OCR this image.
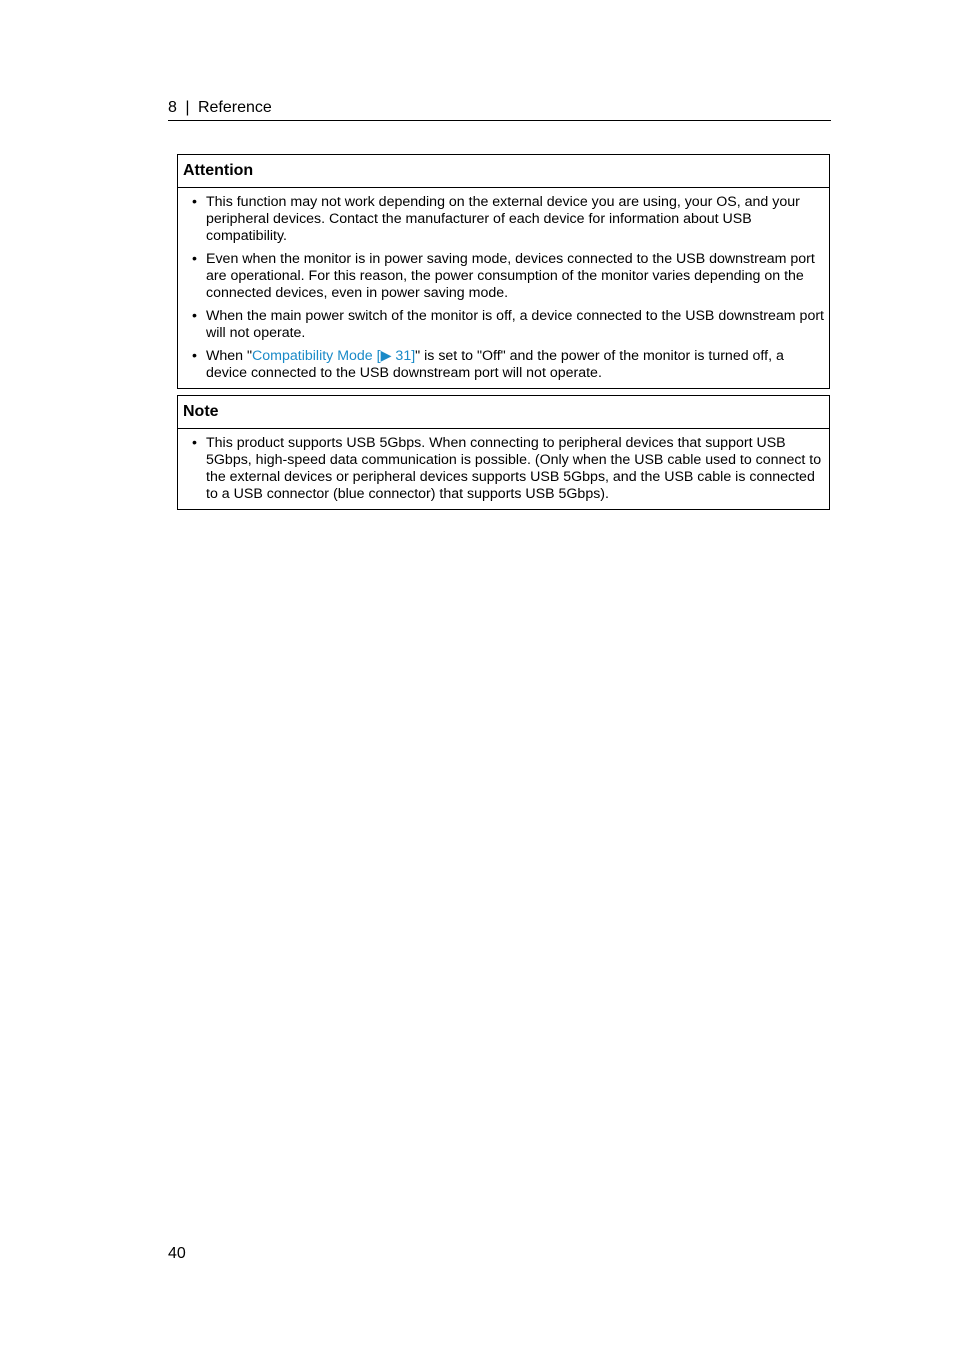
8 | Reference
Attention
• This function may not work depending on the external device you are using, your OS, and your peripheral devices. Contact the manufacturer of each device for information about USB compatibility.
• Even when the monitor is in power saving mode, devices connected to the USB downstream port are operational. For this reason, the power consumption of the monitor varies depending on the connected devices, even in power saving mode.
• When the main power switch of the monitor is off, a device connected to the USB downstream port will not operate.
• When "Compatibility Mode [▶ 31]" is set to "Off" and the power of the monitor is turned off, a device connected to the USB downstream port will not operate.
Note
• This product supports USB 5Gbps. When connecting to peripheral devices that support USB 5Gbps, high-speed data communication is possible. (Only when the USB cable used to connect to the external devices or peripheral devices supports USB 5Gbps, and the USB cable is connected to a USB connector (blue connector) that supports USB 5Gbps).
40
